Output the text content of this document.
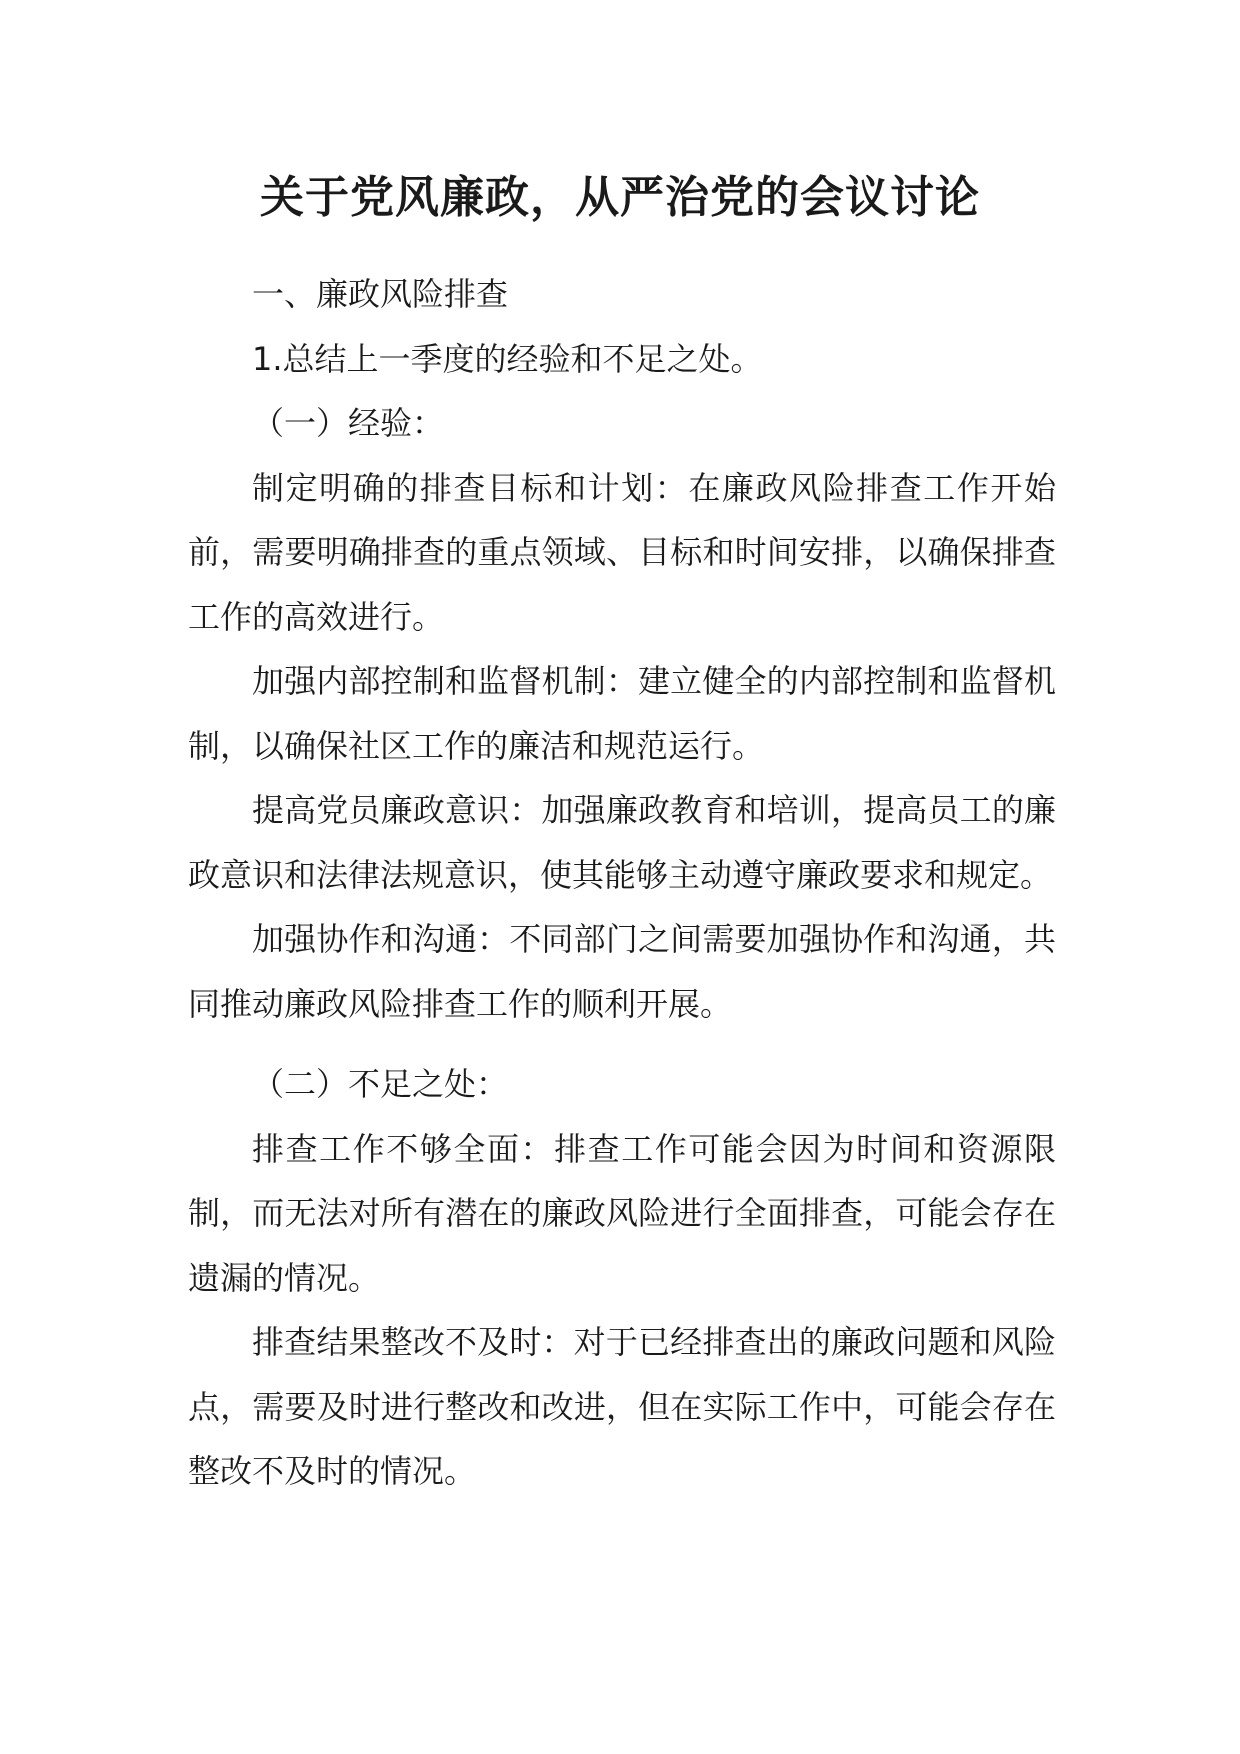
关于党风廉政，从严治党的会议讨论

一、廉政风险排查

1.总结上一季度的经验和不足之处。

（一）经验：

制定明确的排查目标和计划：在廉政风险排查工作开始前，需要明确排查的重点领域、目标和时间安排，以确保排查工作的高效进行。

加强内部控制和监督机制：建立健全的内部控制和监督机制，以确保社区工作的廉洁和规范运行。

提高党员廉政意识：加强廉政教育和培训，提高员工的廉政意识和法律法规意识，使其能够主动遵守廉政要求和规定。

加强协作和沟通：不同部门之间需要加强协作和沟通，共同推动廉政风险排查工作的顺利开展。

（二）不足之处：

排查工作不够全面：排查工作可能会因为时间和资源限制，而无法对所有潜在的廉政风险进行全面排查，可能会存在遗漏的情况。

排查结果整改不及时：对于已经排查出的廉政问题和风险点，需要及时进行整改和改进，但在实际工作中，可能会存在整改不及时的情况。
